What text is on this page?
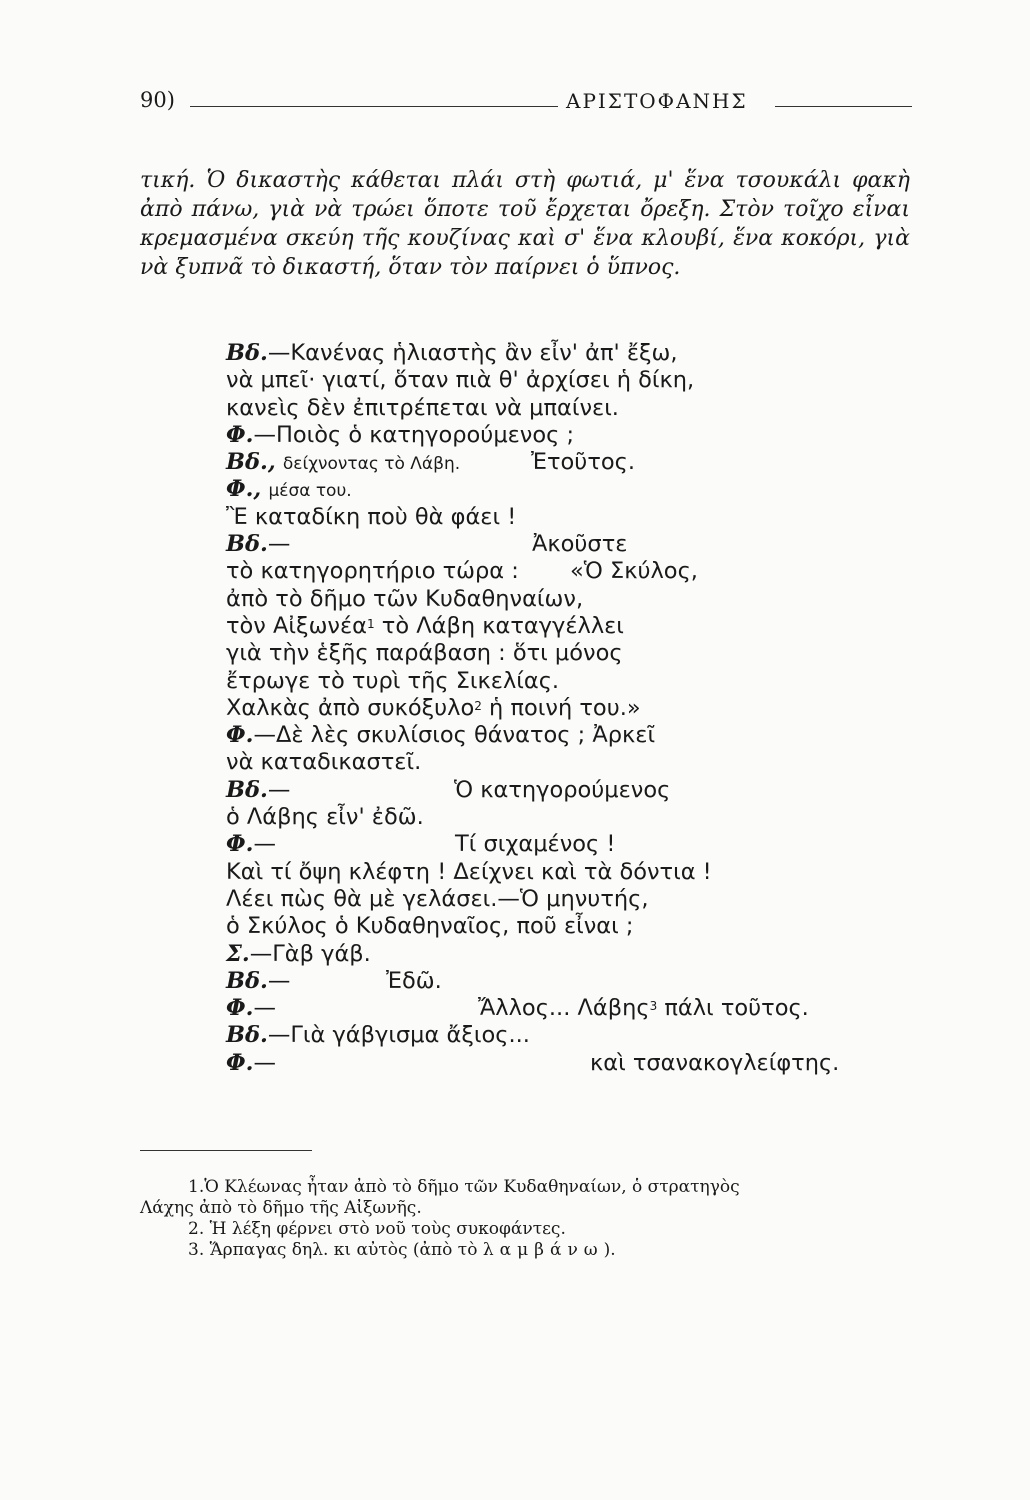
90)	ΑΡΙΣΤΟΦΑΝΗΣ

τική. Ὁ δικαστὴς κάθεται πλάι στὴ φωτιά, μ' ἕνα τσουκάλι φακὴ ἀπὸ πάνω, γιὰ νὰ τρώει ὅποτε τοῦ ἔρχεται ὄρεξη. Στὸν τοῖχο εἶναι κρεμασμένα σκεύη τῆς κουζίνας καὶ σ' ἕνα κλουβί, ἕνα κοκόρι, γιὰ νὰ ξυπνᾶ τὸ δικαστή, ὅταν τὸν παίρνει ὁ ὕπνος.

Βδ.—Κανένας ἡλιαστὴς ἂν εἶν' ἀπ' ἔξω,
νὰ μπεῖ· γιατί, ὅταν πιὰ θ' ἀρχίσει ἡ δίκη,
κανεὶς δὲν ἐπιτρέπεται νὰ μπαίνει.
Φ.—Ποιὸς ὁ κατηγορούμενος ;
Βδ., δείχνοντας τὸ Λάβη.	Ἐτοῦτος.
Φ., μέσα του.
Ἒ καταδίκη ποὺ θὰ φάει !
Βδ.—	Ἀκοῦστε
τὸ κατηγορητήριο τώρα : «Ὁ Σκύλος,
ἀπὸ τὸ δῆμο τῶν Κυδαθηναίων,
τὸν Αἰξωνέα$^1$ τὸ Λάβη καταγγέλλει
γιὰ τὴν ἑξῆς παράβαση : ὅτι μόνος
ἔτρωγε τὸ τυρὶ τῆς Σικελίας.
Χαλκὰς ἀπὸ συκόξυλο$^2$ ἡ ποινή του.»
Φ.—Δὲ λὲς σκυλίσιος θάνατος ; Ἀρκεῖ
νὰ καταδικαστεῖ.
Βδ.—	Ὁ κατηγορούμενος
ὁ Λάβης εἶν' ἐδῶ.
Φ.—	Τί σιχαμένος !
Καὶ τί ὄψη κλέφτη ! Δείχνει καὶ τὰ δόντια !
Λέει πὼς θὰ μὲ γελάσει.—Ὁ μηνυτής,
ὁ Σκύλος ὁ Κυδαθηναῖος, ποῦ εἶναι ;
Σ.—Γὰβ γάβ.
Βδ.—	Ἐδῶ.
Φ.—	Ἄλλος... Λάβης$^3$ πάλι τοῦτος.
Βδ.—Γιὰ γάβγισμα ἄξιος...
Φ.—	καὶ τσανακογλείφτης.
1.Ὁ Κλέωνας ἦταν ἀπὸ τὸ δῆμο τῶν Κυδαθηναίων, ὁ στρατηγὸς
Λάχης ἀπὸ τὸ δῆμο τῆς Αἰξωνῆς.
2. Ἡ λέξη φέρνει στὸ νοῦ τοὺς συκοφάντες.
3. Ἅρπαγας δηλ. κι αὐτὸς (ἀπὸ τὸ λαμβάνω).
